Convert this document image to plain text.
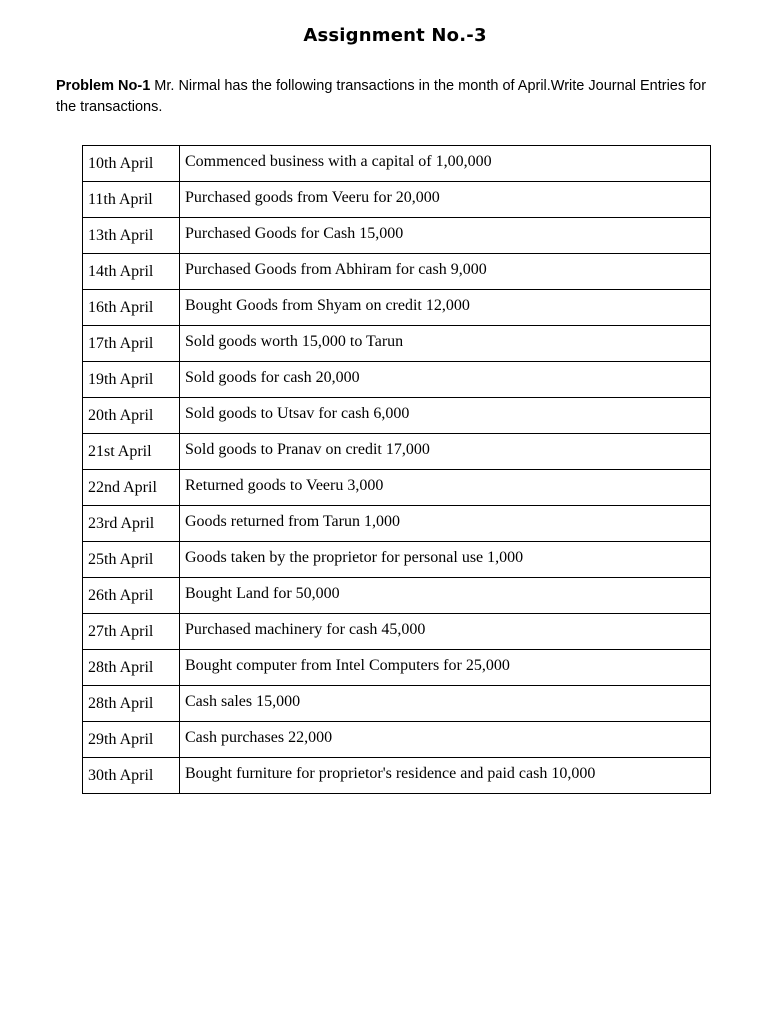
Assignment No.-3
Problem No-1 Mr. Nirmal has the following transactions in the month of April.Write Journal Entries for the transactions.
10th April	Commenced business with a capital of 1,00,000
11th April	Purchased goods from Veeru for 20,000
13th April	Purchased Goods for Cash 15,000
14th April	Purchased Goods from Abhiram for cash 9,000
16th April	Bought Goods from Shyam on credit 12,000
17th April	Sold goods worth 15,000 to Tarun
19th April	Sold goods for cash 20,000
20th April	Sold goods to Utsav for cash 6,000
21st April	Sold goods to Pranav on credit 17,000
22nd April	Returned goods to Veeru 3,000
23rd April	Goods returned from Tarun 1,000
25th April	Goods taken by the proprietor for personal use 1,000
26th April	Bought Land for 50,000
27th April	Purchased machinery for cash 45,000
28th April	Bought computer from Intel Computers for 25,000
28th April	Cash sales 15,000
29th April	Cash purchases 22,000
30th April	Bought furniture for proprietor's residence and paid cash 10,000
